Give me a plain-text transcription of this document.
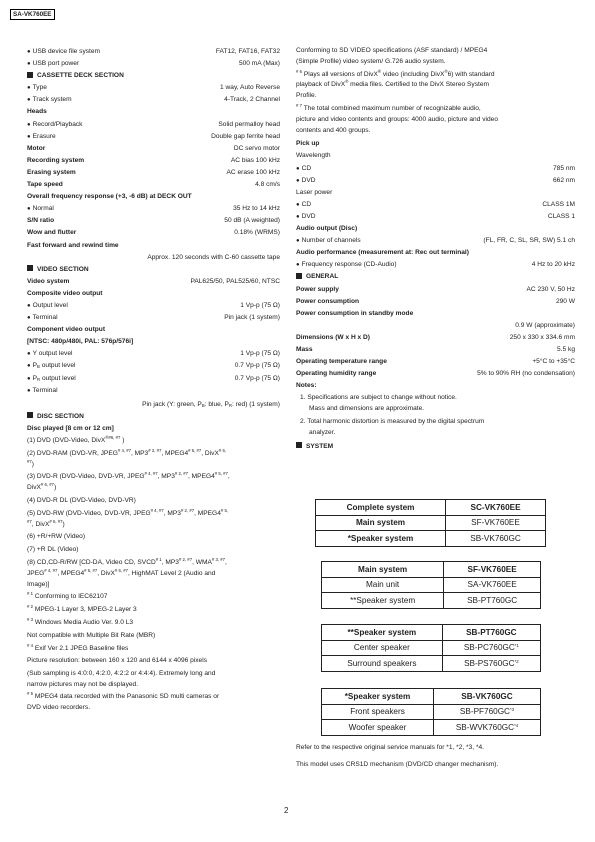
SA-VK760EE
● USB device file system	FAT12, FAT16, FAT32
● USB port power	500 mA (Max)
CASSETTE DECK SECTION
● Type	1 way, Auto Reverse
● Track system	4-Track, 2 Channel
Heads
● Record/Playback	Solid permalloy head
● Erasure	Double gap ferrite head
Motor	DC servo motor
Recording system	AC bias 100 kHz
Erasing system	AC erase 100 kHz
Tape speed	4.8 cm/s
Overall frequency response (+3, -6 dB) at DECK OUT
● Normal	35 Hz to 14 kHz
S/N ratio	50 dB (A weighted)
Wow and flutter	0.18% (WRMS)
Fast forward and rewind time
Approx. 120 seconds with C-60 cassette tape
VIDEO SECTION
Video system	PAL625/50, PAL525/60, NTSC
Composite video output
● Output level	1 Vp-p (75 Ω)
● Terminal	Pin jack (1 system)
Component video output
[NTSC: 480p/480i, PAL: 576p/576i]
● Y output level	1 Vp-p (75 Ω)
● $P_B$ output level	0.7 Vp-p (75 Ω)
● $P_R$ output level	0.7 Vp-p (75 Ω)
● Terminal
Pin jack (Y: green, $P_B$: blue, $P_R$: red) (1 system)
DISC SECTION
Disc played [8 cm or 12 cm]
(1) DVD (DVD-Video, DivX$^{®\#6, \#7}$ )
(2) DVD-RAM (DVD-VR, $JPEG^{\# 4, \#7}$, $MP3^{\# 2, \#7}$, $MPEG4^{\# 5, \#7}$, DivX$^{\# 6,}$
$^{\#7}$)
(3) DVD-R (DVD-Video, DVD-VR, $JPEG^{\# 4, \#7}$, $MP3^{\# 2, \#7}$, $MPEG4^{\# 5, \#7}$,
DivX$^{\# 6, \#7}$)
(4) DVD-R DL (DVD-Video, DVD-VR)
(5) DVD-RW (DVD-Video, DVD-VR, $JPEG^{\# 4, \#7}$, $MP3^{\# 2, \#7}$, $MPEG4^{\# 5,}$
$^{\#7}$, DivX$^{\# 6, \#7}$)
(6) +R/+RW (Video)
(7) +R DL (Video)
(8) CD,CD-R/RW [CD-DA, Video CD, SVCD$^{\# 1}$, $MP3^{\# 2, \#7}$, $WMA^{\# 3, \#7}$,
$JPEG^{\# 4, \#7}$, $MPEG4^{\# 5, \#7}$, DivX$^{\# 6, \#7}$, HighMAT Level 2 (Audio and
Image)]
$^{\# 1}$ Conforming to IEC62107
$^{\# 2}$ MPEG-1 Layer 3, MPEG-2 Layer 3
$^{\# 3}$ Windows Media Audio Ver. 9.0 L3
Not compatible with Multiple Bit Rate (MBR)
$^{\# 4}$ Exif Ver 2.1 JPEG Baseline files
Picture resolution: between 160 x 120 and 6144 x 4096 pixels
(Sub sampling is 4:0:0, 4:2:0, 4:2:2 or 4:4:4). Extremely long and
narrow pictures may not be displayed.
$^{\# 5}$ MPEG4 data recorded with the Panasonic SD multi cameras or
DVD video recorders.
Conforming to SD VIDEO specifications (ASF standard) / MPEG4
(Simple Profile) video system/ G.726 audio system.
$^{\# 6}$ Plays all versions of DivX® video (including DivX®6) with standard
playback of DivX® media files. Certified to the DivX Stereo System
Profile.
$^{\# 7}$ The total combined maximum number of recognizable audio,
picture and video contents and groups: 4000 audio, picture and video
contents and 400 groups.
Pick up
Wavelength
● CD	785 nm
● DVD	662 nm
Laser power
● CD	CLASS 1M
● DVD	CLASS 1
Audio output (Disc)
● Number of channels	(FL, FR, C, SL, SR, SW) 5.1 ch
Audio performance (measurement at: Rec out terminal)
● Frequency response (CD-Audio)	4 Hz to 20 kHz
GENERAL
Power supply	AC 230 V, 50 Hz
Power consumption	290 W
Power consumption in standby mode
0.9 W (approximate)
Dimensions (W x H x D)	250 x 330 x 334.6 mm
Mass	5.5 kg
Operating temperature range	+5°C to +35°C
Operating humidity range	5% to 90% RH (no condensation)
Notes:
1. Specifications are subject to change without notice.
Mass and dimensions are approximate.
2. Total harmonic distortion is measured by the digital spectrum
analyzer.
SYSTEM
Complete system	SC-VK760EE
Main system	SF-VK760EE
*Speaker system	SB-VK760GC
Main system	SF-VK760EE
Main unit	SA-VK760EE
**Speaker system	SB-PT760GC
**Speaker system	SB-PT760GC
Center speaker	SB-PC760GC$^{*1}$
Surround speakers	SB-PS760GC$^{*2}$
*Speaker system	SB-VK760GC
Front speakers	SB-PF760GC$^{*3}$
Woofer speaker	SB-WVK760GC$^{*4}$
Refer to the respective original service manuals for *1, *2, *3, *4.
This model uses CRS1D mechanism (DVD/CD changer mechanism).
2
